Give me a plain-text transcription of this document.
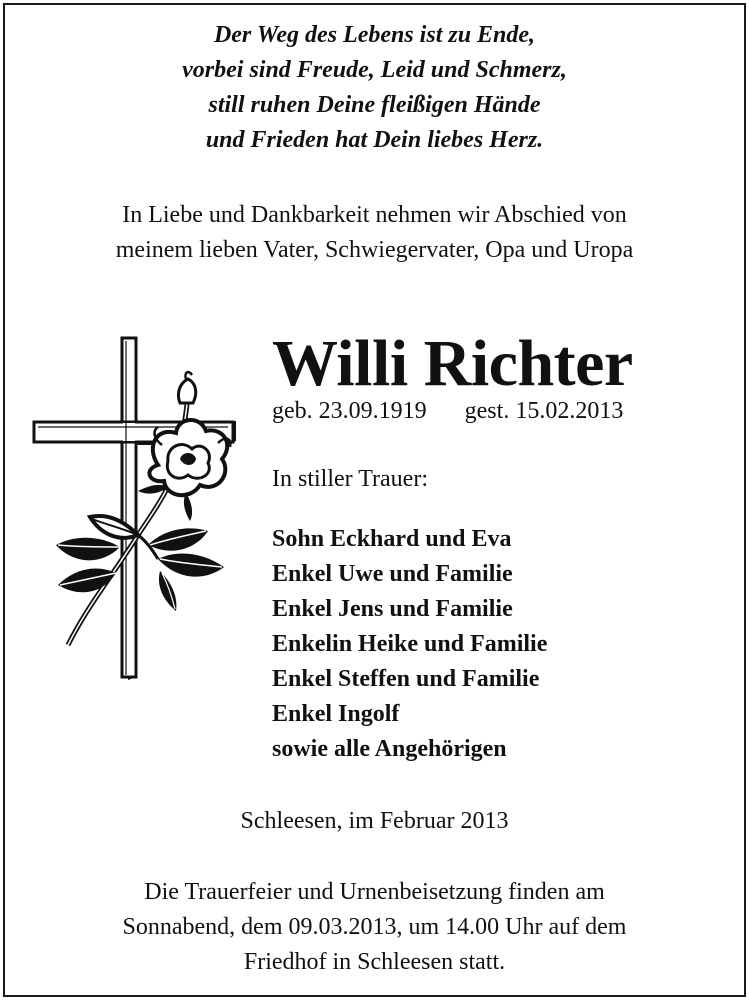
Der Weg des Lebens ist zu Ende,
vorbei sind Freude, Leid und Schmerz,
still ruhen Deine fleißigen Hände
und Frieden hat Dein liebes Herz.
In Liebe und Dankbarkeit nehmen wir Abschied von
meinem lieben Vater, Schwiegervater, Opa und Uropa
Willi Richter
geb. 23.09.1919 gest. 15.02.2013
In stiller Trauer:
Sohn Eckhard und Eva
Enkel Uwe und Familie
Enkel Jens und Familie
Enkelin Heike und Familie
Enkel Steffen und Familie
Enkel Ingolf
sowie alle Angehörigen
Schleesen, im Februar 2013
Die Trauerfeier und Urnenbeisetzung finden am
Sonnabend, dem 09.03.2013, um 14.00 Uhr auf dem
Friedhof in Schleesen statt.
